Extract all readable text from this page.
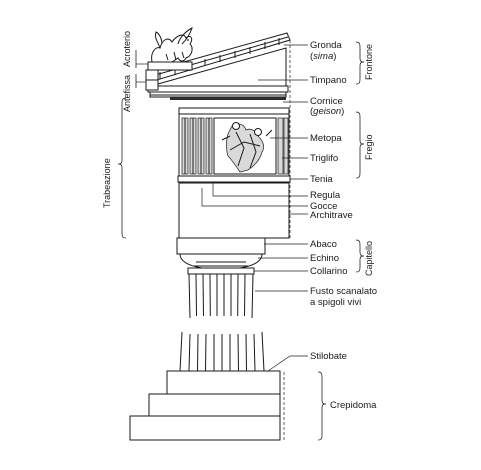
Gronda
(sima)
Timpano
Cornice
(geison)
Metopa
Triglifo
Tenia
Regula
Gocce
Architrave
Abaco
Echino
Collarino
Fusto scanalato
a spigoli vivi
Stilobate
Crepidoma
Frontone
Fregio
Capitello
Trabeazione
Acroterio
Antefissa
